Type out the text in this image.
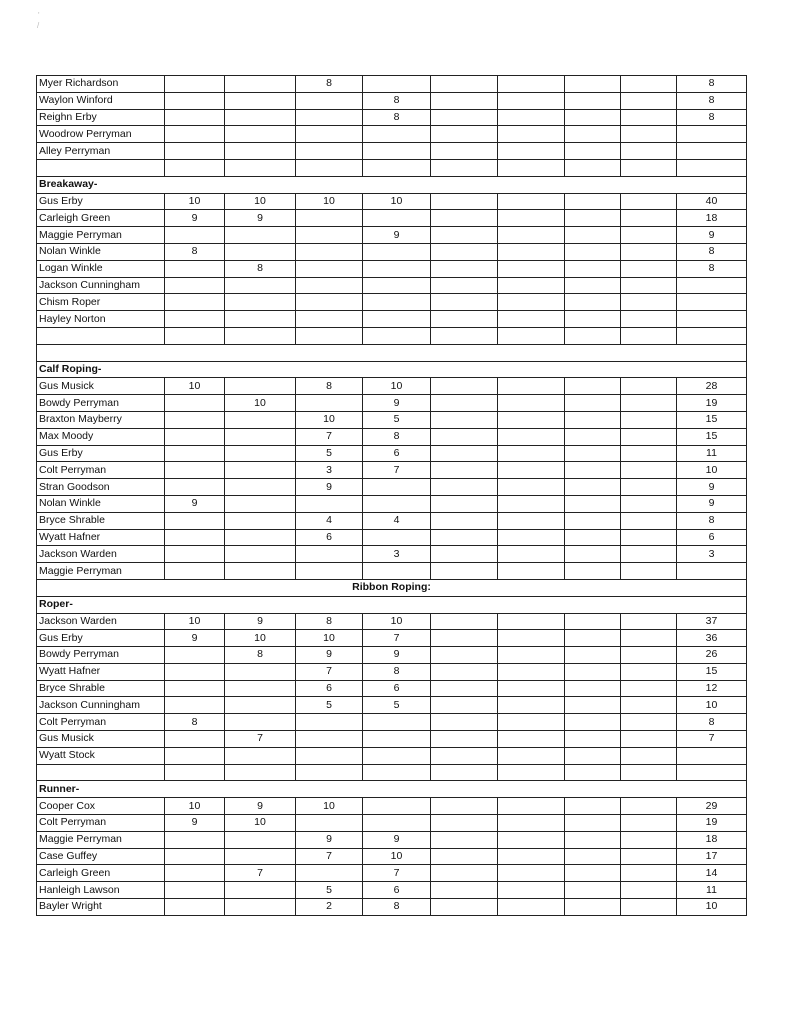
'
/
Myer Richardson			8						8
Waylon Winford				8					8
Reighn Erby				8					8
Woodrow Perryman									
Alley Perryman									

Breakaway-									
Gus Erby	10	10	10	10					40
Carleigh Green	9	9							18
Maggie Perryman				9					9
Nolan Winkle	8								8
Logan Winkle		8							8
Jackson Cunningham									
Chism Roper									
Hayley Norton									

Calf Roping-									
Gus Musick	10		8	10					28
Bowdy Perryman		10		9					19
Braxton Mayberry			10	5					15
Max Moody			7	8					15
Gus Erby			5	6					11
Colt Perryman			3	7					10
Stran Goodson			9						9
Nolan Winkle	9								9
Bryce Shrable			4	4					8
Wyatt Hafner			6						6
Jackson Warden				3					3
Maggie Perryman									
Ribbon Roping:									
Roper-									
Jackson Warden	10	9	8	10					37
Gus Erby	9	10	10	7					36
Bowdy Perryman		8	9	9					26
Wyatt Hafner			7	8					15
Bryce Shrable			6	6					12
Jackson Cunningham			5	5					10
Colt Perryman	8								8
Gus Musick		7							7
Wyatt Stock									

Runner-									
Cooper Cox	10	9	10						29
Colt Perryman	9	10							19
Maggie Perryman			9	9					18
Case Guffey			7	10					17
Carleigh Green		7		7					14
Hanleigh Lawson			5	6					11
Bayler Wright			2	8					10
